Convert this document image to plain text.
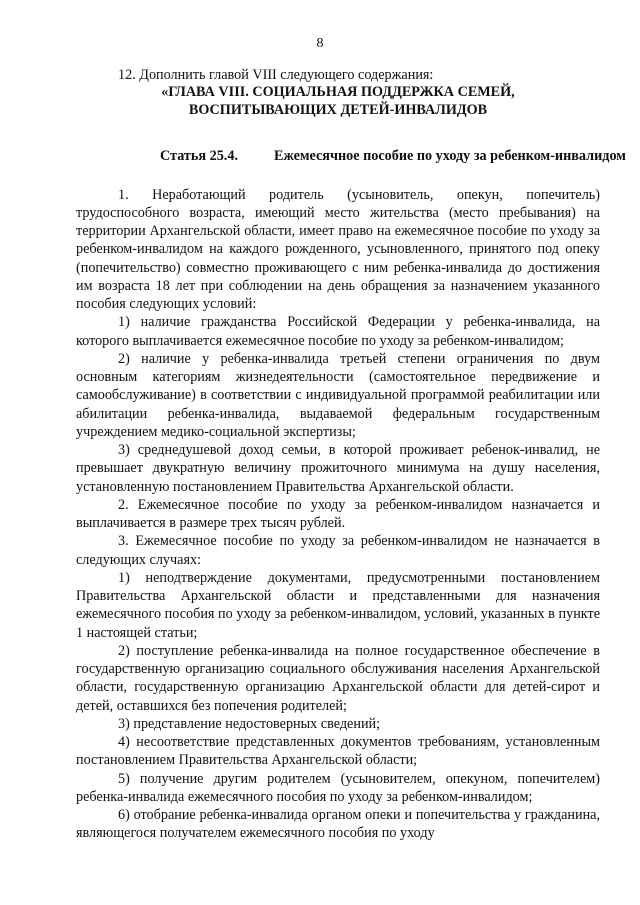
8

12. Дополнить главой VIII следующего содержания:

«ГЛАВА VIII. СОЦИАЛЬНАЯ ПОДДЕРЖКА СЕМЕЙ,
ВОСПИТЫВАЮЩИХ ДЕТЕЙ-ИНВАЛИДОВ

Статья 25.4.	Ежемесячное пособие по уходу за ребенком-инвалидом

1. Неработающий родитель (усыновитель, опекун, попечитель) трудоспособного возраста, имеющий место жительства (место пребывания) на территории Архангельской области, имеет право на ежемесячное пособие по уходу за ребенком-инвалидом на каждого рожденного, усыновленного, принятого под опеку (попечительство) совместно проживающего с ним ребенка-инвалида до достижения им возраста 18 лет при соблюдении на день обращения за назначением указанного пособия следующих условий:

1) наличие гражданства Российской Федерации у ребенка-инвалида, на которого выплачивается ежемесячное пособие по уходу за ребенком-инвалидом;

2) наличие у ребенка-инвалида третьей степени ограничения по двум основным категориям жизнедеятельности (самостоятельное передвижение и самообслуживание) в соответствии с индивидуальной программой реабилитации или абилитации ребенка-инвалида, выдаваемой федеральным государственным учреждением медико-социальной экспертизы;

3) среднедушевой доход семьи, в которой проживает ребенок-инвалид, не превышает двукратную величину прожиточного минимума на душу населения, установленную постановлением Правительства Архангельской области.

2. Ежемесячное пособие по уходу за ребенком-инвалидом назначается и выплачивается в размере трех тысяч рублей.

3. Ежемесячное пособие по уходу за ребенком-инвалидом не назначается в следующих случаях:

1) неподтверждение документами, предусмотренными постановлением Правительства Архангельской области и представленными для назначения ежемесячного пособия по уходу за ребенком-инвалидом, условий, указанных в пункте 1 настоящей статьи;

2) поступление ребенка-инвалида на полное государственное обеспечение в государственную организацию социального обслуживания населения Архангельской области, государственную организацию Архангельской области для детей-сирот и детей, оставшихся без попечения родителей;

3) представление недостоверных сведений;

4) несоответствие представленных документов требованиям, установленным постановлением Правительства Архангельской области;

5) получение другим родителем (усыновителем, опекуном, попечителем) ребенка-инвалида ежемесячного пособия по уходу за ребенком-инвалидом;

6) отобрание ребенка-инвалида органом опеки и попечительства у гражданина, являющегося получателем ежемесячного пособия по уходу
